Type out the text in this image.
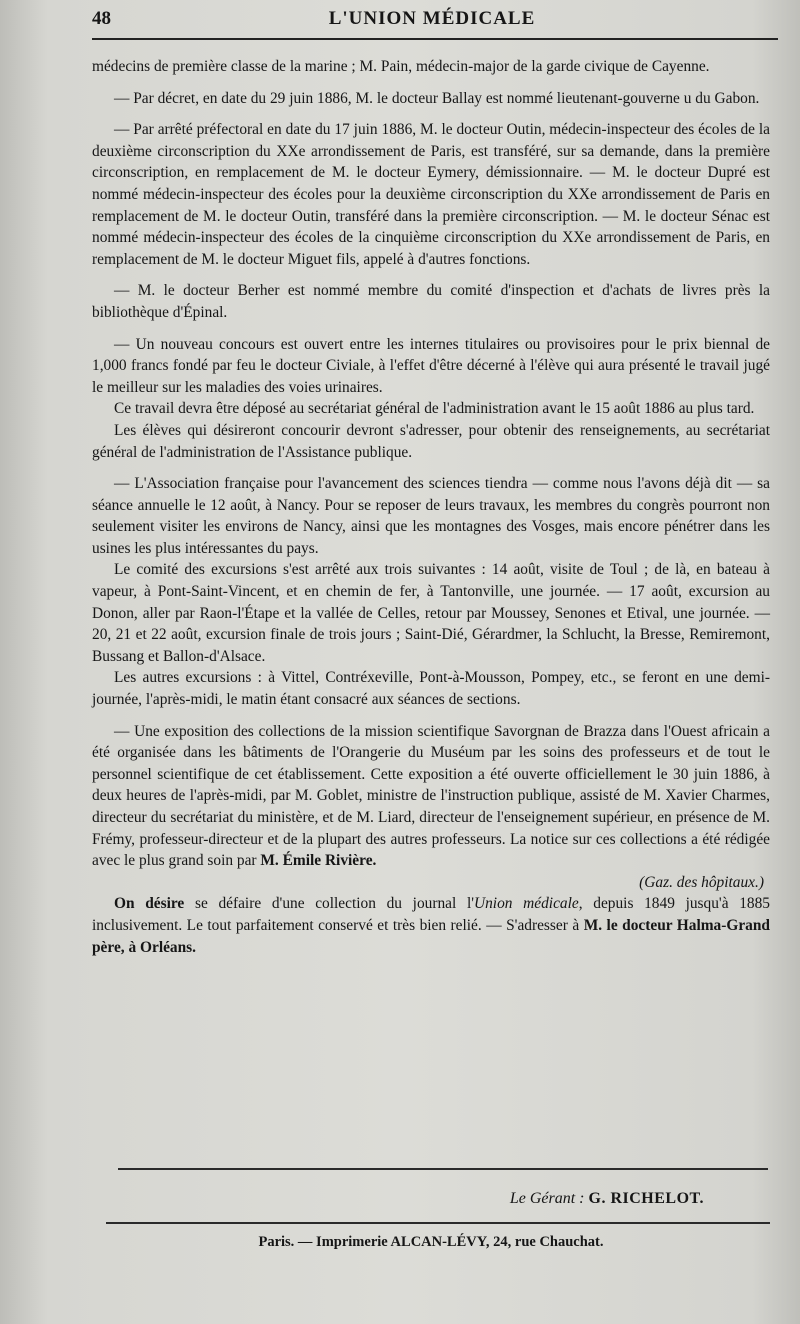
48	L'UNION MÉDICALE

médecins de première classe de la marine ; M. Pain, médecin-major de la garde civique de Cayenne.

— Par décret, en date du 29 juin 1886, M. le docteur Ballay est nommé lieutenant-gouverne u du Gabon.

— Par arrêté préfectoral en date du 17 juin 1886, M. le docteur Outin, médecin-inspecteur des écoles de la deuxième circonscription du XXe arrondissement de Paris, est transféré, sur sa demande, dans la première circonscription, en remplacement de M. le docteur Eymery, démissionnaire. — M. le docteur Dupré est nommé médecin-inspecteur des écoles pour la deuxième circonscription du XXe arrondissement de Paris en remplacement de M. le docteur Outin, transféré dans la première circonscription. — M. le docteur Sénac est nommé médecin-inspecteur des écoles de la cinquième circonscription du XXe arrondissement de Paris, en remplacement de M. le docteur Miguet fils, appelé à d'autres fonctions.

— M. le docteur Berher est nommé membre du comité d'inspection et d'achats de livres près la bibliothèque d'Épinal.

— Un nouveau concours est ouvert entre les internes titulaires ou provisoires pour le prix biennal de 1,000 francs fondé par feu le docteur Civiale, à l'effet d'être décerné à l'élève qui aura présenté le travail jugé le meilleur sur les maladies des voies urinaires.

Ce travail devra être déposé au secrétariat général de l'administration avant le 15 août 1886 au plus tard.

Les élèves qui désireront concourir devront s'adresser, pour obtenir des renseignements, au secrétariat général de l'administration de l'Assistance publique.

— L'Association française pour l'avancement des sciences tiendra — comme nous l'avons déjà dit — sa séance annuelle le 12 août, à Nancy. Pour se reposer de leurs travaux, les membres du congrès pourront non seulement visiter les environs de Nancy, ainsi que les montagnes des Vosges, mais encore pénétrer dans les usines les plus intéressantes du pays.

Le comité des excursions s'est arrêté aux trois suivantes : 14 août, visite de Toul ; de là, en bateau à vapeur, à Pont-Saint-Vincent, et en chemin de fer, à Tantonville, une journée. — 17 août, excursion au Donon, aller par Raon-l'Étape et la vallée de Celles, retour par Moussey, Senones et Etival, une journée. — 20, 21 et 22 août, excursion finale de trois jours ; Saint-Dié, Gérardmer, la Schlucht, la Bresse, Remiremont, Bussang et Ballon-d'Alsace.

Les autres excursions : à Vittel, Contréxeville, Pont-à-Mousson, Pompey, etc., se feront en une demi-journée, l'après-midi, le matin étant consacré aux séances de sections.

— Une exposition des collections de la mission scientifique Savorgnan de Brazza dans l'Ouest africain a été organisée dans les bâtiments de l'Orangerie du Muséum par les soins des professeurs et de tout le personnel scientifique de cet établissement. Cette exposition a été ouverte officiellement le 30 juin 1886, à deux heures de l'après-midi, par M. Goblet, ministre de l'instruction publique, assisté de M. Xavier Charmes, directeur du secrétariat du ministère, et de M. Liard, directeur de l'enseignement supérieur, en présence de M. Frémy, professeur-directeur et de la plupart des autres professeurs. La notice sur ces collections a été rédigée avec le plus grand soin par M. Émile Rivière.

(Gaz. des hôpitaux.)

On désire se défaire d'une collection du journal l'Union médicale, depuis 1849 jusqu'à 1885 inclusivement. Le tout parfaitement conservé et très bien relié. — S'adresser à M. le docteur Halma-Grand père, à Orléans.

Le Gérant : G. RICHELOT.
Paris. — Imprimerie ALCAN-LÉVY, 24, rue Chauchat.
